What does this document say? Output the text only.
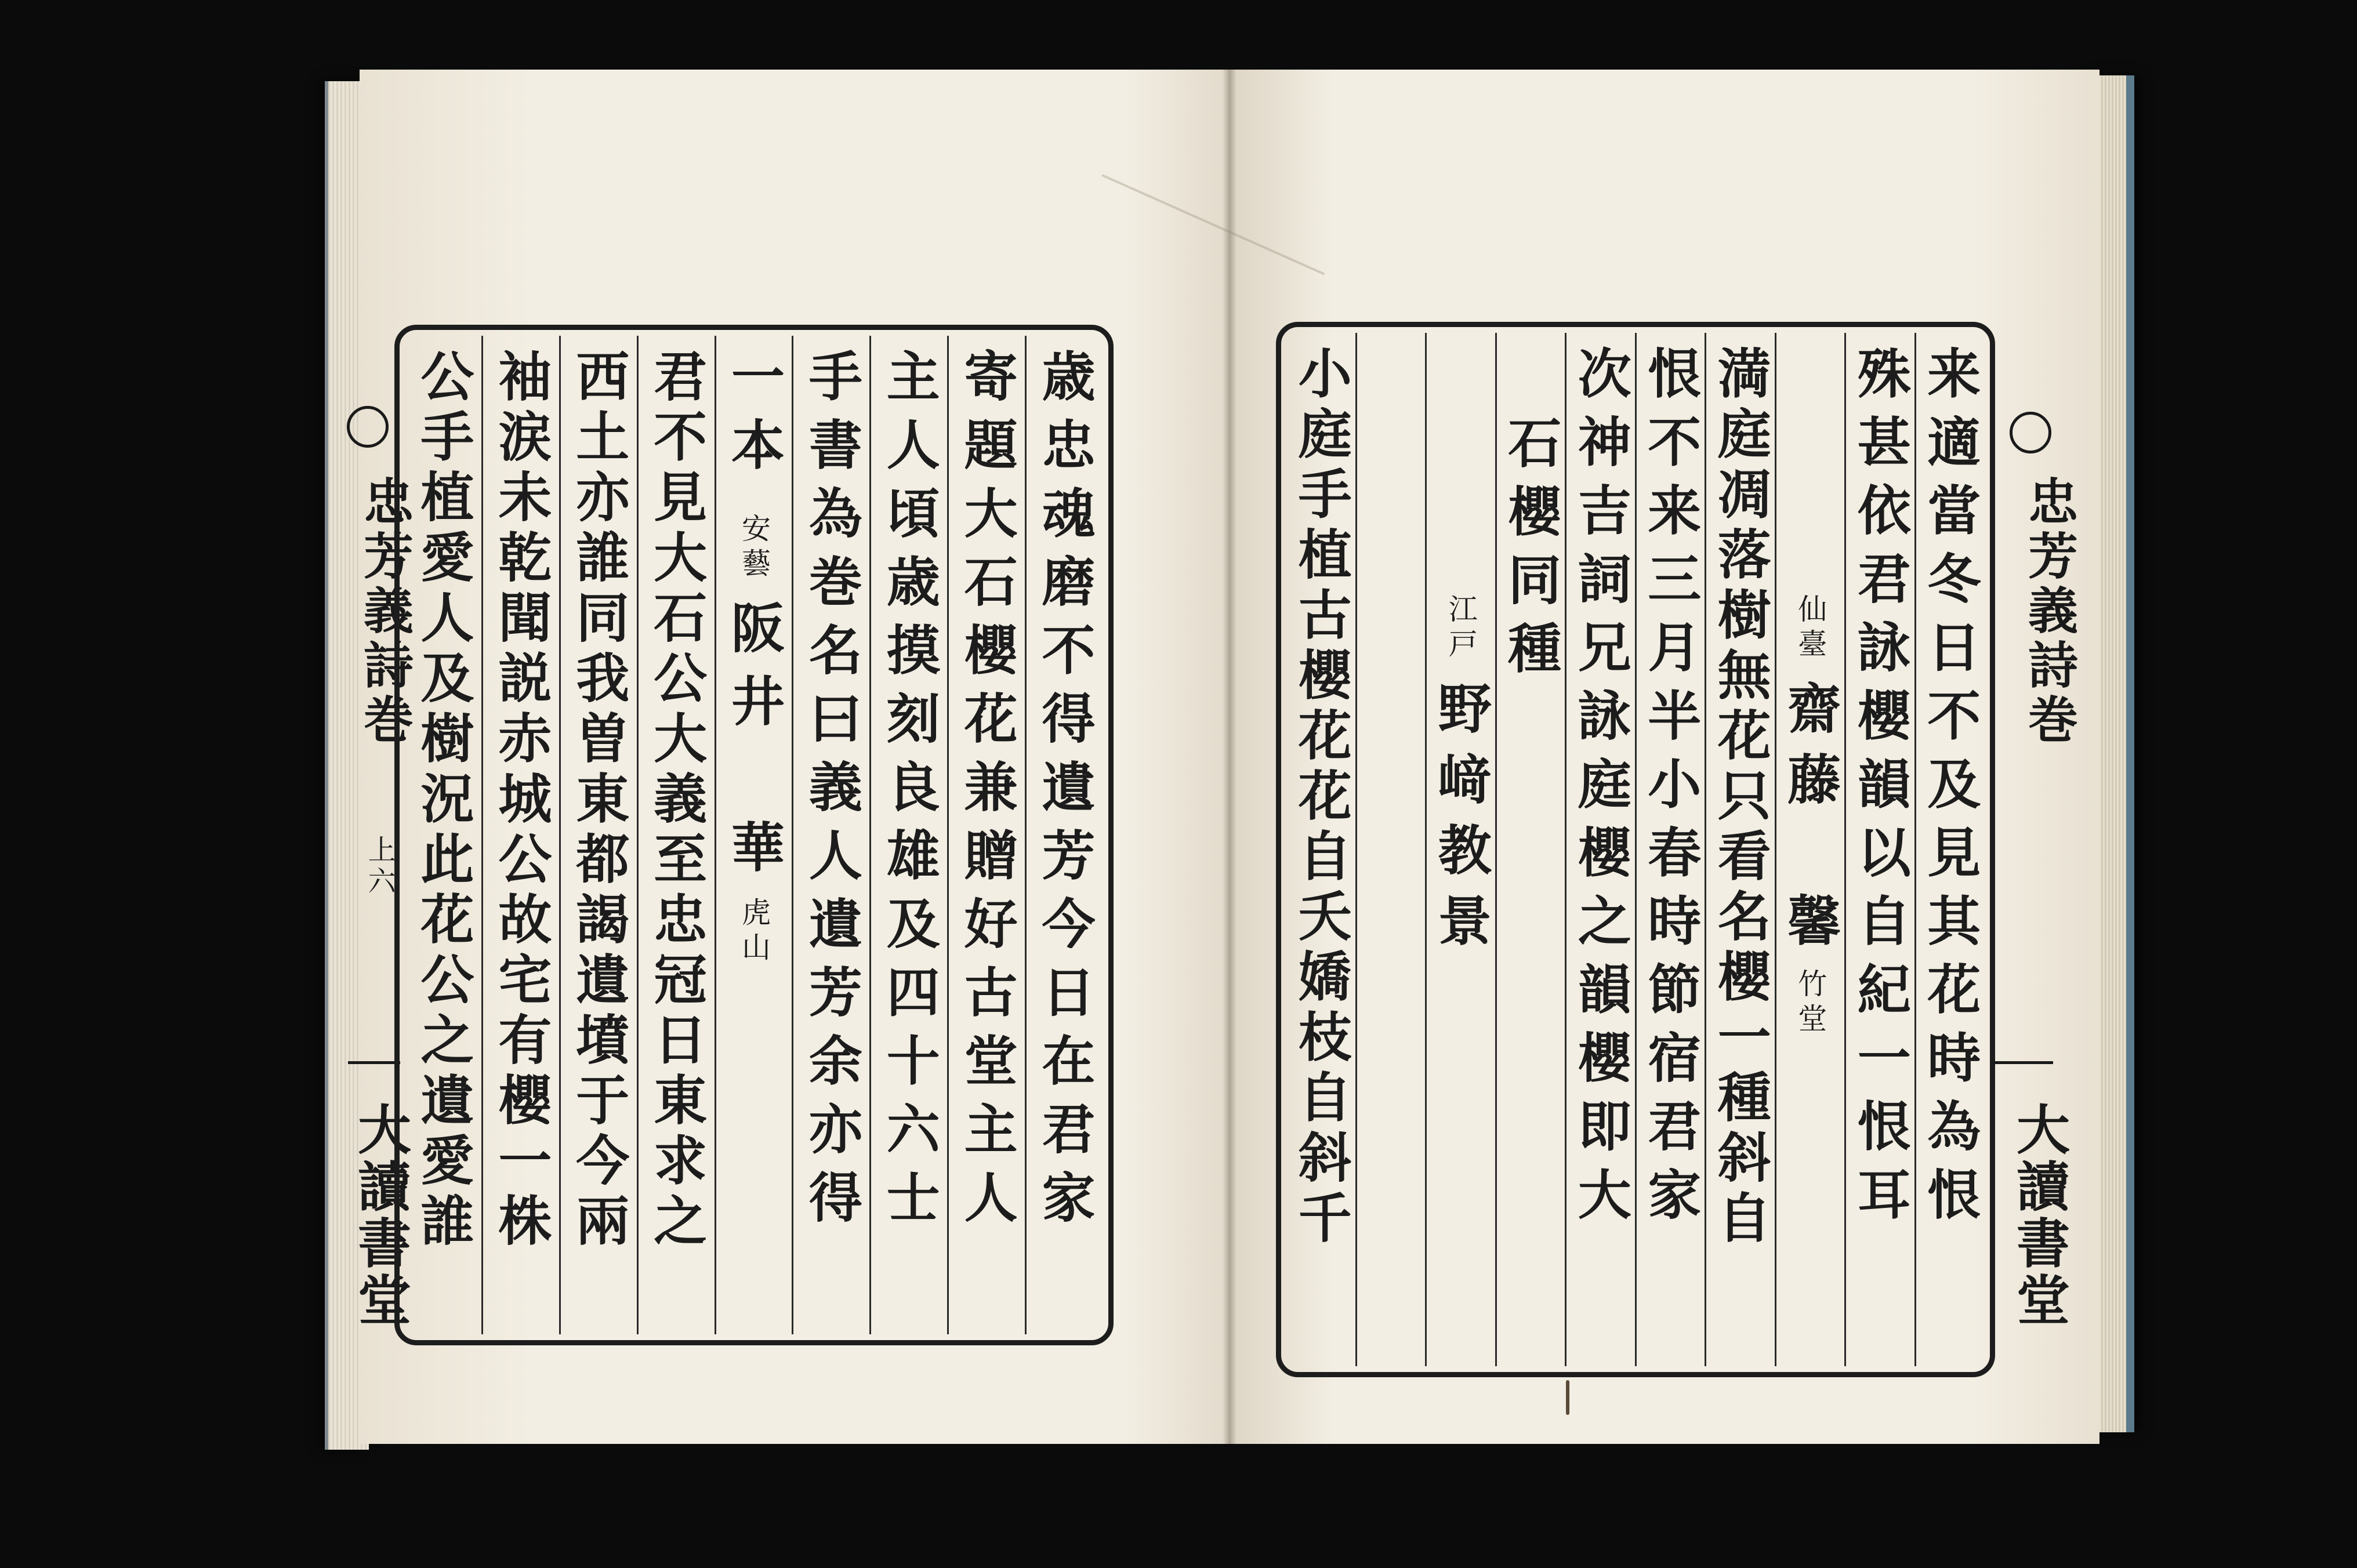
忠芳義詩巻
上六
大讀書堂
忠芳義詩巻
大讀書堂
歳忠魂磨不得遺芳今日在君家
寄題大石櫻花兼贈好古堂主人
主人頃歳摸刻良雄及四十六士
手書為巻名曰義人遺芳余亦得
一本
安藝
阪井　華
虎山
君不見大石公大義至忠冠日東求之
西土亦誰同我曽東都謁遺墳于今兩
袖涙未乾聞説赤城公故宅有櫻一株
公手植愛人及樹況此花公之遺愛誰	来適當冬日不及見其花時為恨
殊甚依君詠櫻韻以自紀一恨耳
仙臺
齋藤　馨
竹堂
満庭凋落樹無花只看名櫻一種斜自
恨不来三月半小春時節宿君家
次神吉詞兄詠庭櫻之韻櫻即大
石櫻同種
江戸
野﨑教景
小庭手植古櫻花花自夭嬌枝自斜千
